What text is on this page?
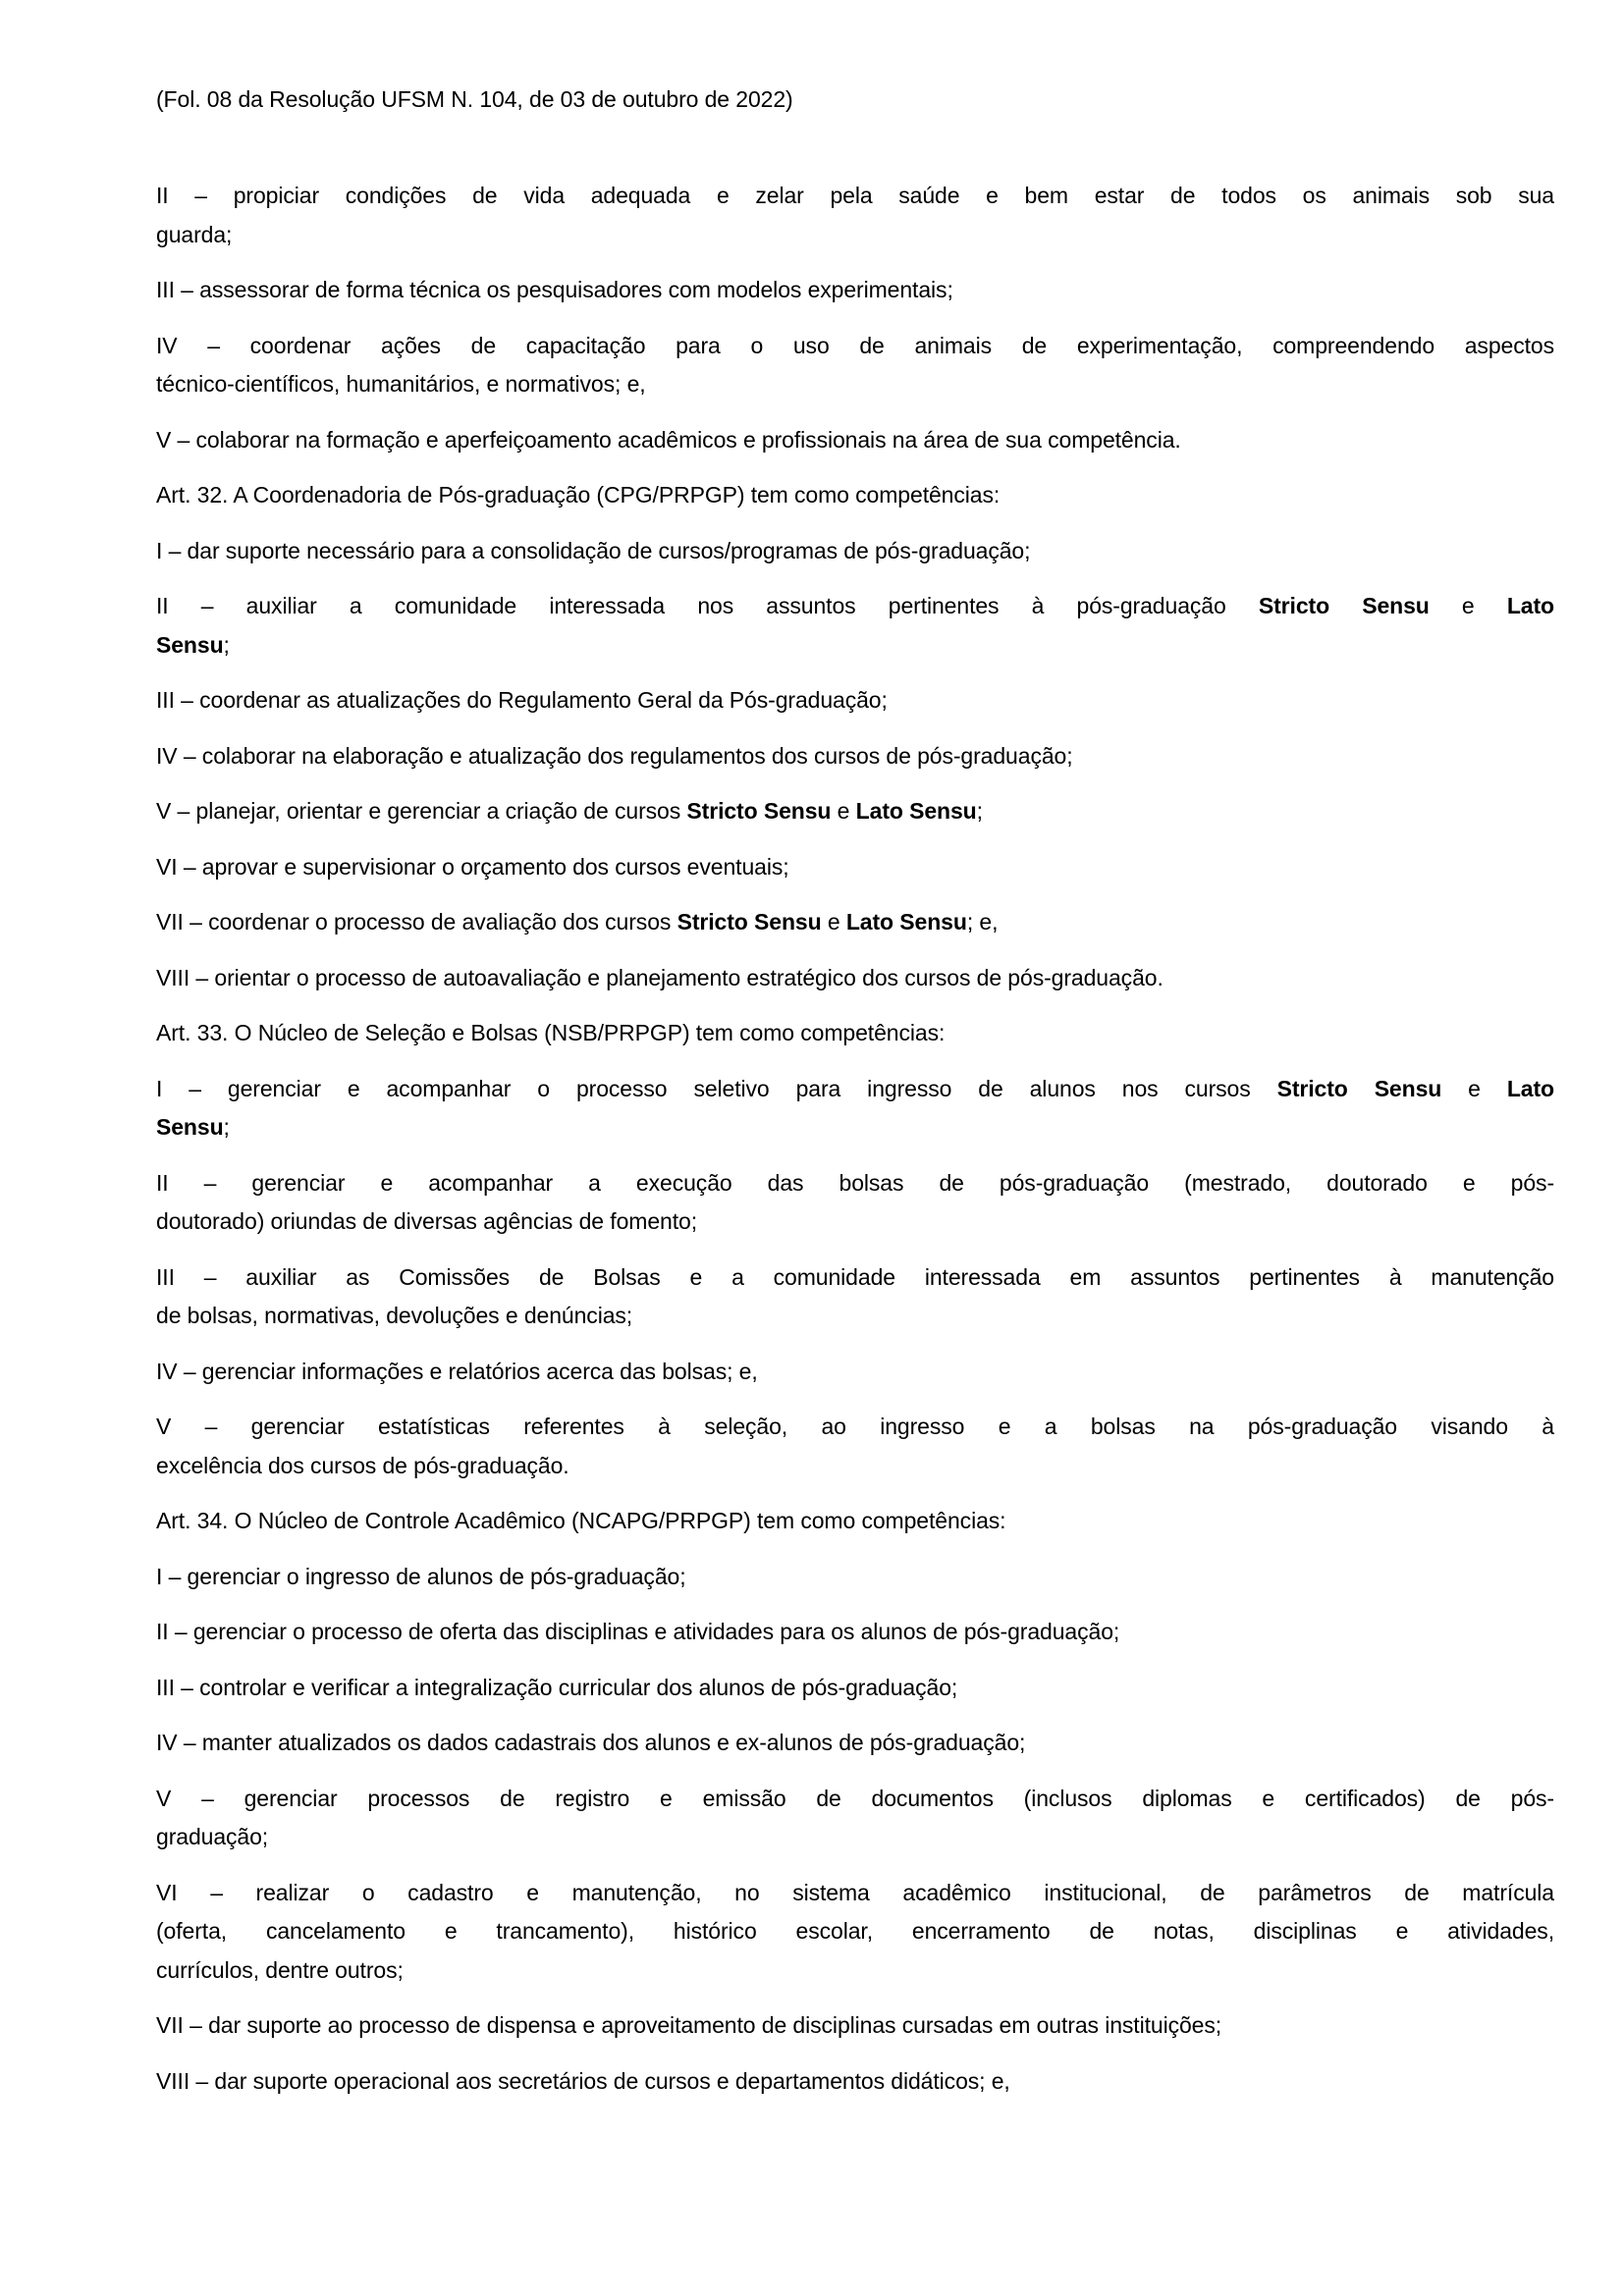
(Fol. 08 da Resolução UFSM N. 104, de 03 de outubro de 2022)
II – propiciar condições de vida adequada e zelar pela saúde e bem estar de todos os animais sob sua
guarda;
III – assessorar de forma técnica os pesquisadores com modelos experimentais;
IV – coordenar ações de capacitação para o uso de animais de experimentação, compreendendo aspectos
técnico-científicos, humanitários, e normativos; e,
V – colaborar na formação e aperfeiçoamento acadêmicos e profissionais na área de sua competência.
Art. 32. A Coordenadoria de Pós-graduação (CPG/PRPGP) tem como competências:
I – dar suporte necessário para a consolidação de cursos/programas de pós-graduação;
II – auxiliar a comunidade interessada nos assuntos pertinentes à pós-graduação Stricto Sensu e Lato
Sensu;
III – coordenar as atualizações do Regulamento Geral da Pós-graduação;
IV – colaborar na elaboração e atualização dos regulamentos dos cursos de pós-graduação;
V – planejar, orientar e gerenciar a criação de cursos Stricto Sensu e Lato Sensu;
VI – aprovar e supervisionar o orçamento dos cursos eventuais;
VII – coordenar o processo de avaliação dos cursos Stricto Sensu e Lato Sensu; e,
VIII – orientar o processo de autoavaliação e planejamento estratégico dos cursos de pós-graduação.
Art. 33. O Núcleo de Seleção e Bolsas (NSB/PRPGP) tem como competências:
I – gerenciar e acompanhar o processo seletivo para ingresso de alunos nos cursos Stricto Sensu e Lato
Sensu;
II – gerenciar e acompanhar a execução das bolsas de pós-graduação (mestrado, doutorado e pós-
doutorado) oriundas de diversas agências de fomento;
III – auxiliar as Comissões de Bolsas e a comunidade interessada em assuntos pertinentes à manutenção
de bolsas, normativas, devoluções e denúncias;
IV – gerenciar informações e relatórios acerca das bolsas; e,
V – gerenciar estatísticas referentes à seleção, ao ingresso e a bolsas na pós-graduação visando à
excelência dos cursos de pós-graduação.
Art. 34. O Núcleo de Controle Acadêmico (NCAPG/PRPGP) tem como competências:
I – gerenciar o ingresso de alunos de pós-graduação;
II – gerenciar o processo de oferta das disciplinas e atividades para os alunos de pós-graduação;
III – controlar e verificar a integralização curricular dos alunos de pós-graduação;
IV – manter atualizados os dados cadastrais dos alunos e ex-alunos de pós-graduação;
V – gerenciar processos de registro e emissão de documentos (inclusos diplomas e certificados) de pós-
graduação;
VI – realizar o cadastro e manutenção, no sistema acadêmico institucional, de parâmetros de matrícula
(oferta, cancelamento e trancamento), histórico escolar, encerramento de notas, disciplinas e atividades,
currículos, dentre outros;
VII – dar suporte ao processo de dispensa e aproveitamento de disciplinas cursadas em outras instituições;
VIII – dar suporte operacional aos secretários de cursos e departamentos didáticos; e,
